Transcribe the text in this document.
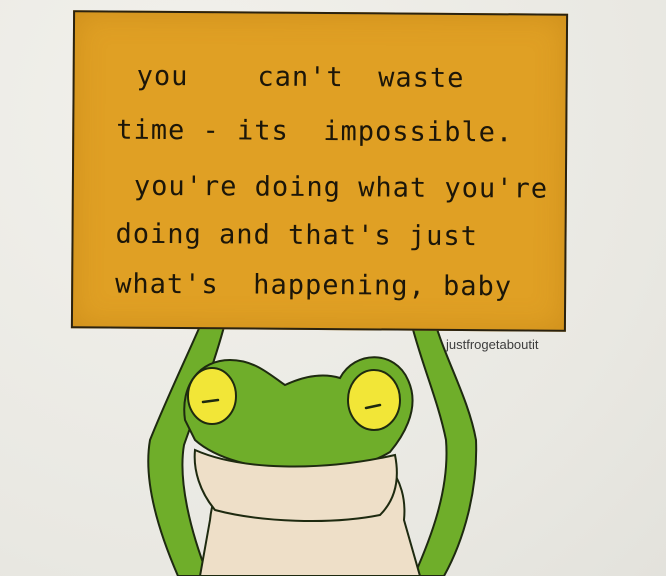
you    can't  waste
time - its  impossible.
you're doing what you're
doing and that's just
what's  happening, baby
justfrogetaboutit
